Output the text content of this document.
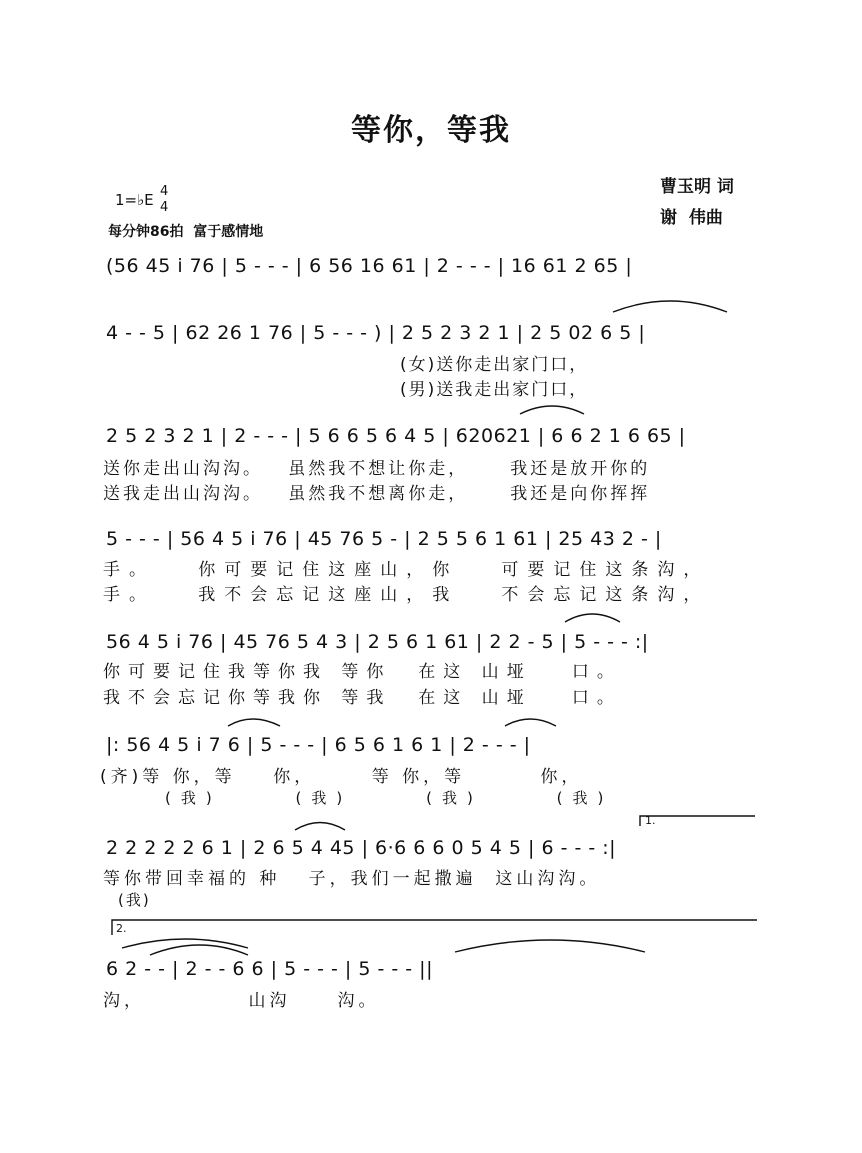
等你，等我
曹玉明 词
谢  伟曲
1=♭E 4
4
每分钟86拍  富于感情地
(56 45 i 76 | 5 - - - | 6 56 16 61 | 2 - - - | 16 61 2 65 |
4 - - 5 | 62 26 1 76 | 5 - - - ) | 2 5 2 3 2 1 | 2 5 02 6 5 |
(女)送你走出家门口，
(男)送我走出家门口，
2 5 2 3 2 1 | 2 - - - | 5 6 6 5 6 4 5 | 620621 | 6 6 2 1 6 65 |
送你走出山沟沟。   虽然我不想让你走，     我还是放开你的
送我走出山沟沟。   虽然我不想离你走，     我还是向你挥挥
5 - - - | 56 4 5 i 76 | 45 76 5 - | 2 5 5 6 1 61 | 25 43 2 - |
手。   你可要记住这座山，你   可要记住这条沟，
手。   我不会忘记这座山，我   不会忘记这条沟，
56 4 5 i 76 | 45 76 5 4 3 | 2 5 6 1 61 | 2 2 - 5 | 5 - - - :|
你可要记住我等你我 等你  在这 山垭   口。
我不会忘记你等我你 等我  在这 山垭   口。
|: 56 4 5 i 7 6 | 5 - - - | 6 5 6 1 6 1 | 2 - - - |
(齐)等 你，等    你，      等 你，等        你，
(我)     (我)     (我)     (我)
2 2 2 2 2 6 1 | 2 6 5 4 45 | 6·6 6 6 0 5 4 5 | 6 - - - :|
1.
等你带回幸福的 种   子，我们一起撒遍  这山沟沟。
(我)
6 2 - - | 2 - - 6 6 | 5 - - - | 5 - - - ||
2.
沟，           山沟     沟。
